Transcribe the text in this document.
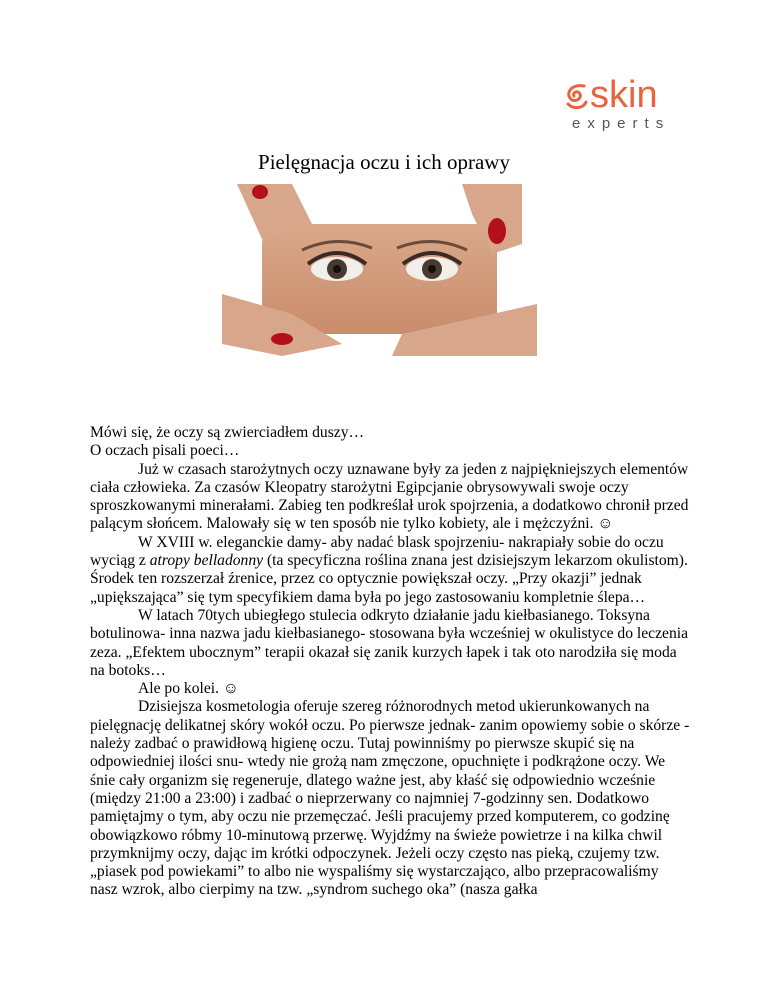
skin
experts
Pielęgnacja oczu i ich oprawy

Mówi się, że oczy są zwierciadłem duszy…

O oczach pisali poeci…

Już w czasach starożytnych oczy uznawane były za jeden z najpiękniejszych elementów ciała człowieka. Za czasów Kleopatry starożytni Egipcjanie obrysowywali swoje oczy sproszkowanymi minerałami. Zabieg ten podkreślał urok spojrzenia, a dodatkowo chronił przed palącym słońcem. Malowały się w ten sposób nie tylko kobiety, ale i mężczyźni. ☺

W XVIII w. eleganckie damy- aby nadać blask spojrzeniu- nakrapiały sobie do oczu wyciąg z atropy belladonny (ta specyficzna roślina znana jest dzisiejszym lekarzom okulistom). Środek ten rozszerzał źrenice, przez co optycznie powiększał oczy. „Przy okazji” jednak „upiększająca” się tym specyfikiem dama była po jego zastosowaniu kompletnie ślepa…

W latach 70tych ubiegłego stulecia odkryto działanie jadu kiełbasianego. Toksyna botulinowa- inna nazwa jadu kiełbasianego- stosowana była wcześniej w okulistyce do leczenia zeza. „Efektem ubocznym” terapii okazał się zanik kurzych łapek i tak oto narodziła się moda na botoks…

Ale po kolei. ☺

Dzisiejsza kosmetologia oferuje szereg różnorodnych metod ukierunkowanych na pielęgnację delikatnej skóry wokół oczu. Po pierwsze jednak- zanim opowiemy sobie o skórze - należy zadbać o prawidłową higienę oczu. Tutaj powinniśmy po pierwsze skupić się na odpowiedniej ilości snu- wtedy nie grożą nam zmęczone, opuchnięte i podkrążone oczy. We śnie cały organizm się regeneruje, dlatego ważne jest, aby kłaść się odpowiednio wcześnie (między 21:00 a 23:00) i zadbać o nieprzerwany co najmniej 7-godzinny sen. Dodatkowo pamiętajmy o tym, aby oczu nie przemęczać. Jeśli pracujemy przed komputerem, co godzinę obowiązkowo róbmy 10-minutową przerwę. Wyjdźmy na świeże powietrze i na kilka chwil przymknijmy oczy, dając im krótki odpoczynek. Jeżeli oczy często nas pieką, czujemy tzw. „piasek pod powiekami” to albo nie wyspaliśmy się wystarczająco, albo przepracowaliśmy nasz wzrok, albo cierpimy na tzw. „syndrom suchego oka” (nasza gałka
